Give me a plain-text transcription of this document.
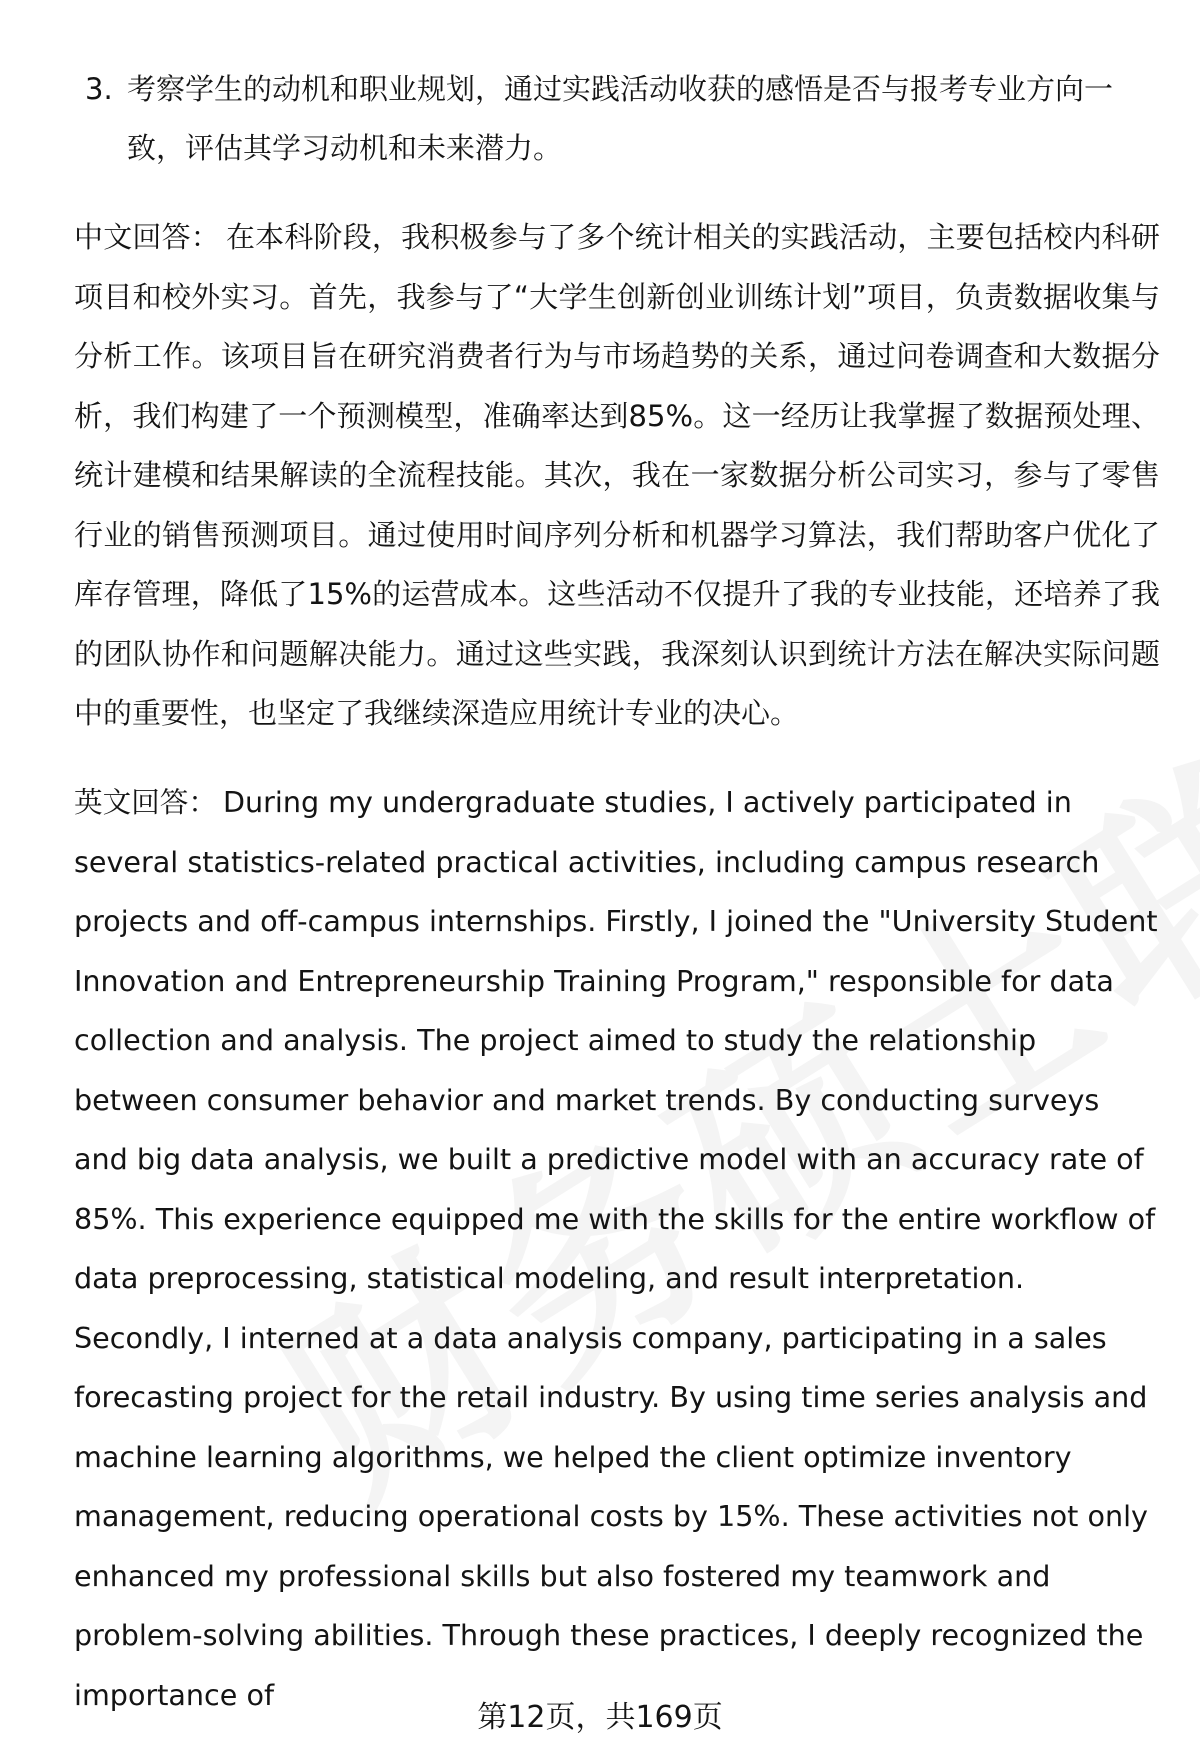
3. 考察学生的动机和职业规划，通过实践活动收获的感悟是否与报考专业方向一致，评估其学习动机和未来潜力。
中文回答： 在本科阶段，我积极参与了多个统计相关的实践活动，主要包括校内科研项目和校外实习。首先，我参与了“大学生创新创业训练计划”项目，负责数据收集与分析工作。该项目旨在研究消费者行为与市场趋势的关系，通过问卷调查和大数据分析，我们构建了一个预测模型，准确率达到85%。这一经历让我掌握了数据预处理、统计建模和结果解读的全流程技能。其次，我在一家数据分析公司实习，参与了零售行业的销售预测项目。通过使用时间序列分析和机器学习算法，我们帮助客户优化了库存管理，降低了15%的运营成本。这些活动不仅提升了我的专业技能，还培养了我的团队协作和问题解决能力。通过这些实践，我深刻认识到统计方法在解决实际问题中的重要性，也坚定了我继续深造应用统计专业的决心。
英文回答： During my undergraduate studies, I actively participated in several statistics-related practical activities, including campus research projects and off-campus internships. Firstly, I joined the "University Student Innovation and Entrepreneurship Training Program," responsible for data collection and analysis. The project aimed to study the relationship between consumer behavior and market trends. By conducting surveys and big data analysis, we built a predictive model with an accuracy rate of 85%. This experience equipped me with the skills for the entire workflow of data preprocessing, statistical modeling, and result interpretation. Secondly, I interned at a data analysis company, participating in a sales forecasting project for the retail industry. By using time series analysis and machine learning algorithms, we helped the client optimize inventory management, reducing operational costs by 15%. These activities not only enhanced my professional skills but also fostered my teamwork and problem-solving abilities. Through these practices, I deeply recognized the importance of
第12页，共169页
